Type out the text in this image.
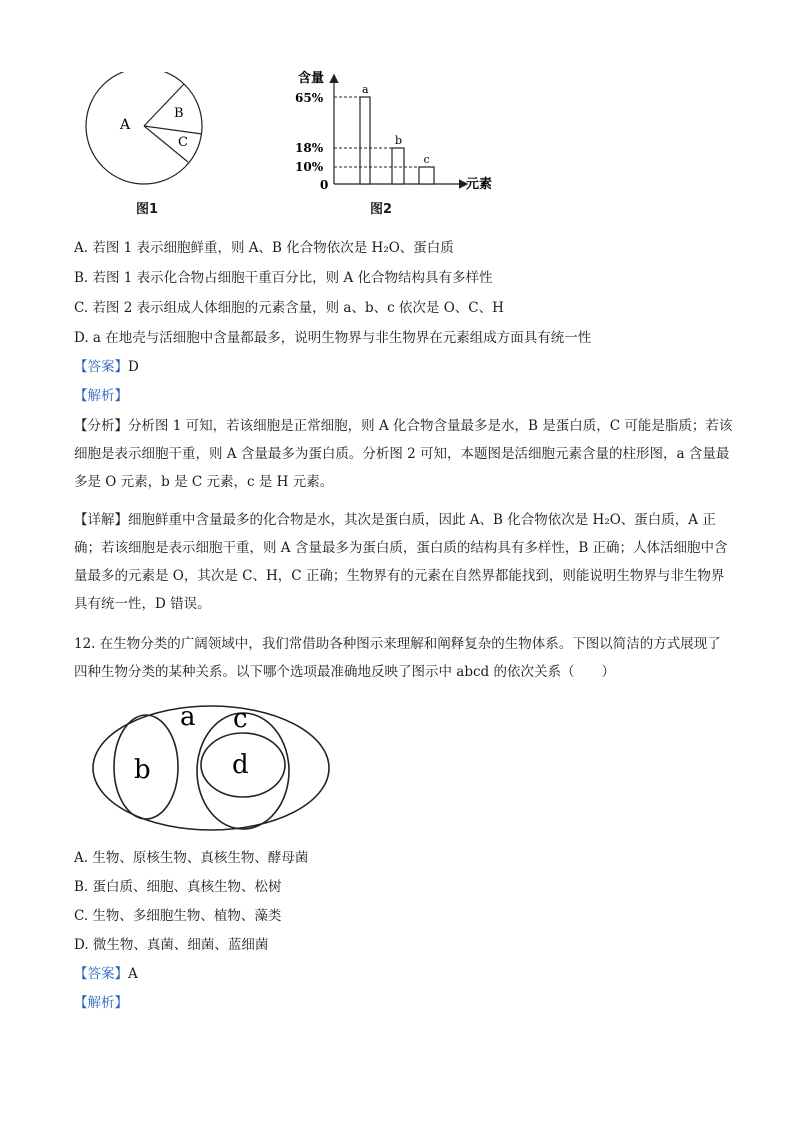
A
B
C
图1
含量
元素
65%
18%
10%
0
a
b
c
图2
A. 若图 1 表示细胞鲜重，则 A、B 化合物依次是 H₂O、蛋白质
B. 若图 1 表示化合物占细胞干重百分比，则 A 化合物结构具有多样性
C. 若图 2 表示组成人体细胞的元素含量，则 a、b、c 依次是 O、C、H
D. a 在地壳与活细胞中含量都最多，说明生物界与非生物界在元素组成方面具有统一性
【答案】D
【解析】
【分析】分析图 1 可知，若该细胞是正常细胞，则 A 化合物含量最多是水，B 是蛋白质，C 可能是脂质；若该细胞是表示细胞干重，则 A 含量最多为蛋白质。分析图 2 可知，本题图是活细胞元素含量的柱形图，a 含量最多是 O 元素，b 是 C 元素，c 是 H 元素。
【详解】细胞鲜重中含量最多的化合物是水，其次是蛋白质，因此 A、B 化合物依次是 H₂O、蛋白质，A 正确；若该细胞是表示细胞干重，则 A 含量最多为蛋白质，蛋白质的结构具有多样性，B 正确；人体活细胞中含量最多的元素是 O，其次是 C、H，C 正确；生物界有的元素在自然界都能找到，则能说明生物界与非生物界具有统一性，D 错误。
12. 在生物分类的广阔领域中，我们常借助各种图示来理解和阐释复杂的生物体系。下图以简洁的方式展现了四种生物分类的某种关系。以下哪个选项最准确地反映了图示中 abcd 的依次关系（　　）
a
b
c
d
A. 生物、原核生物、真核生物、酵母菌
B. 蛋白质、细胞、真核生物、松树
C. 生物、多细胞生物、植物、藻类
D. 微生物、真菌、细菌、蓝细菌
【答案】A
【解析】
